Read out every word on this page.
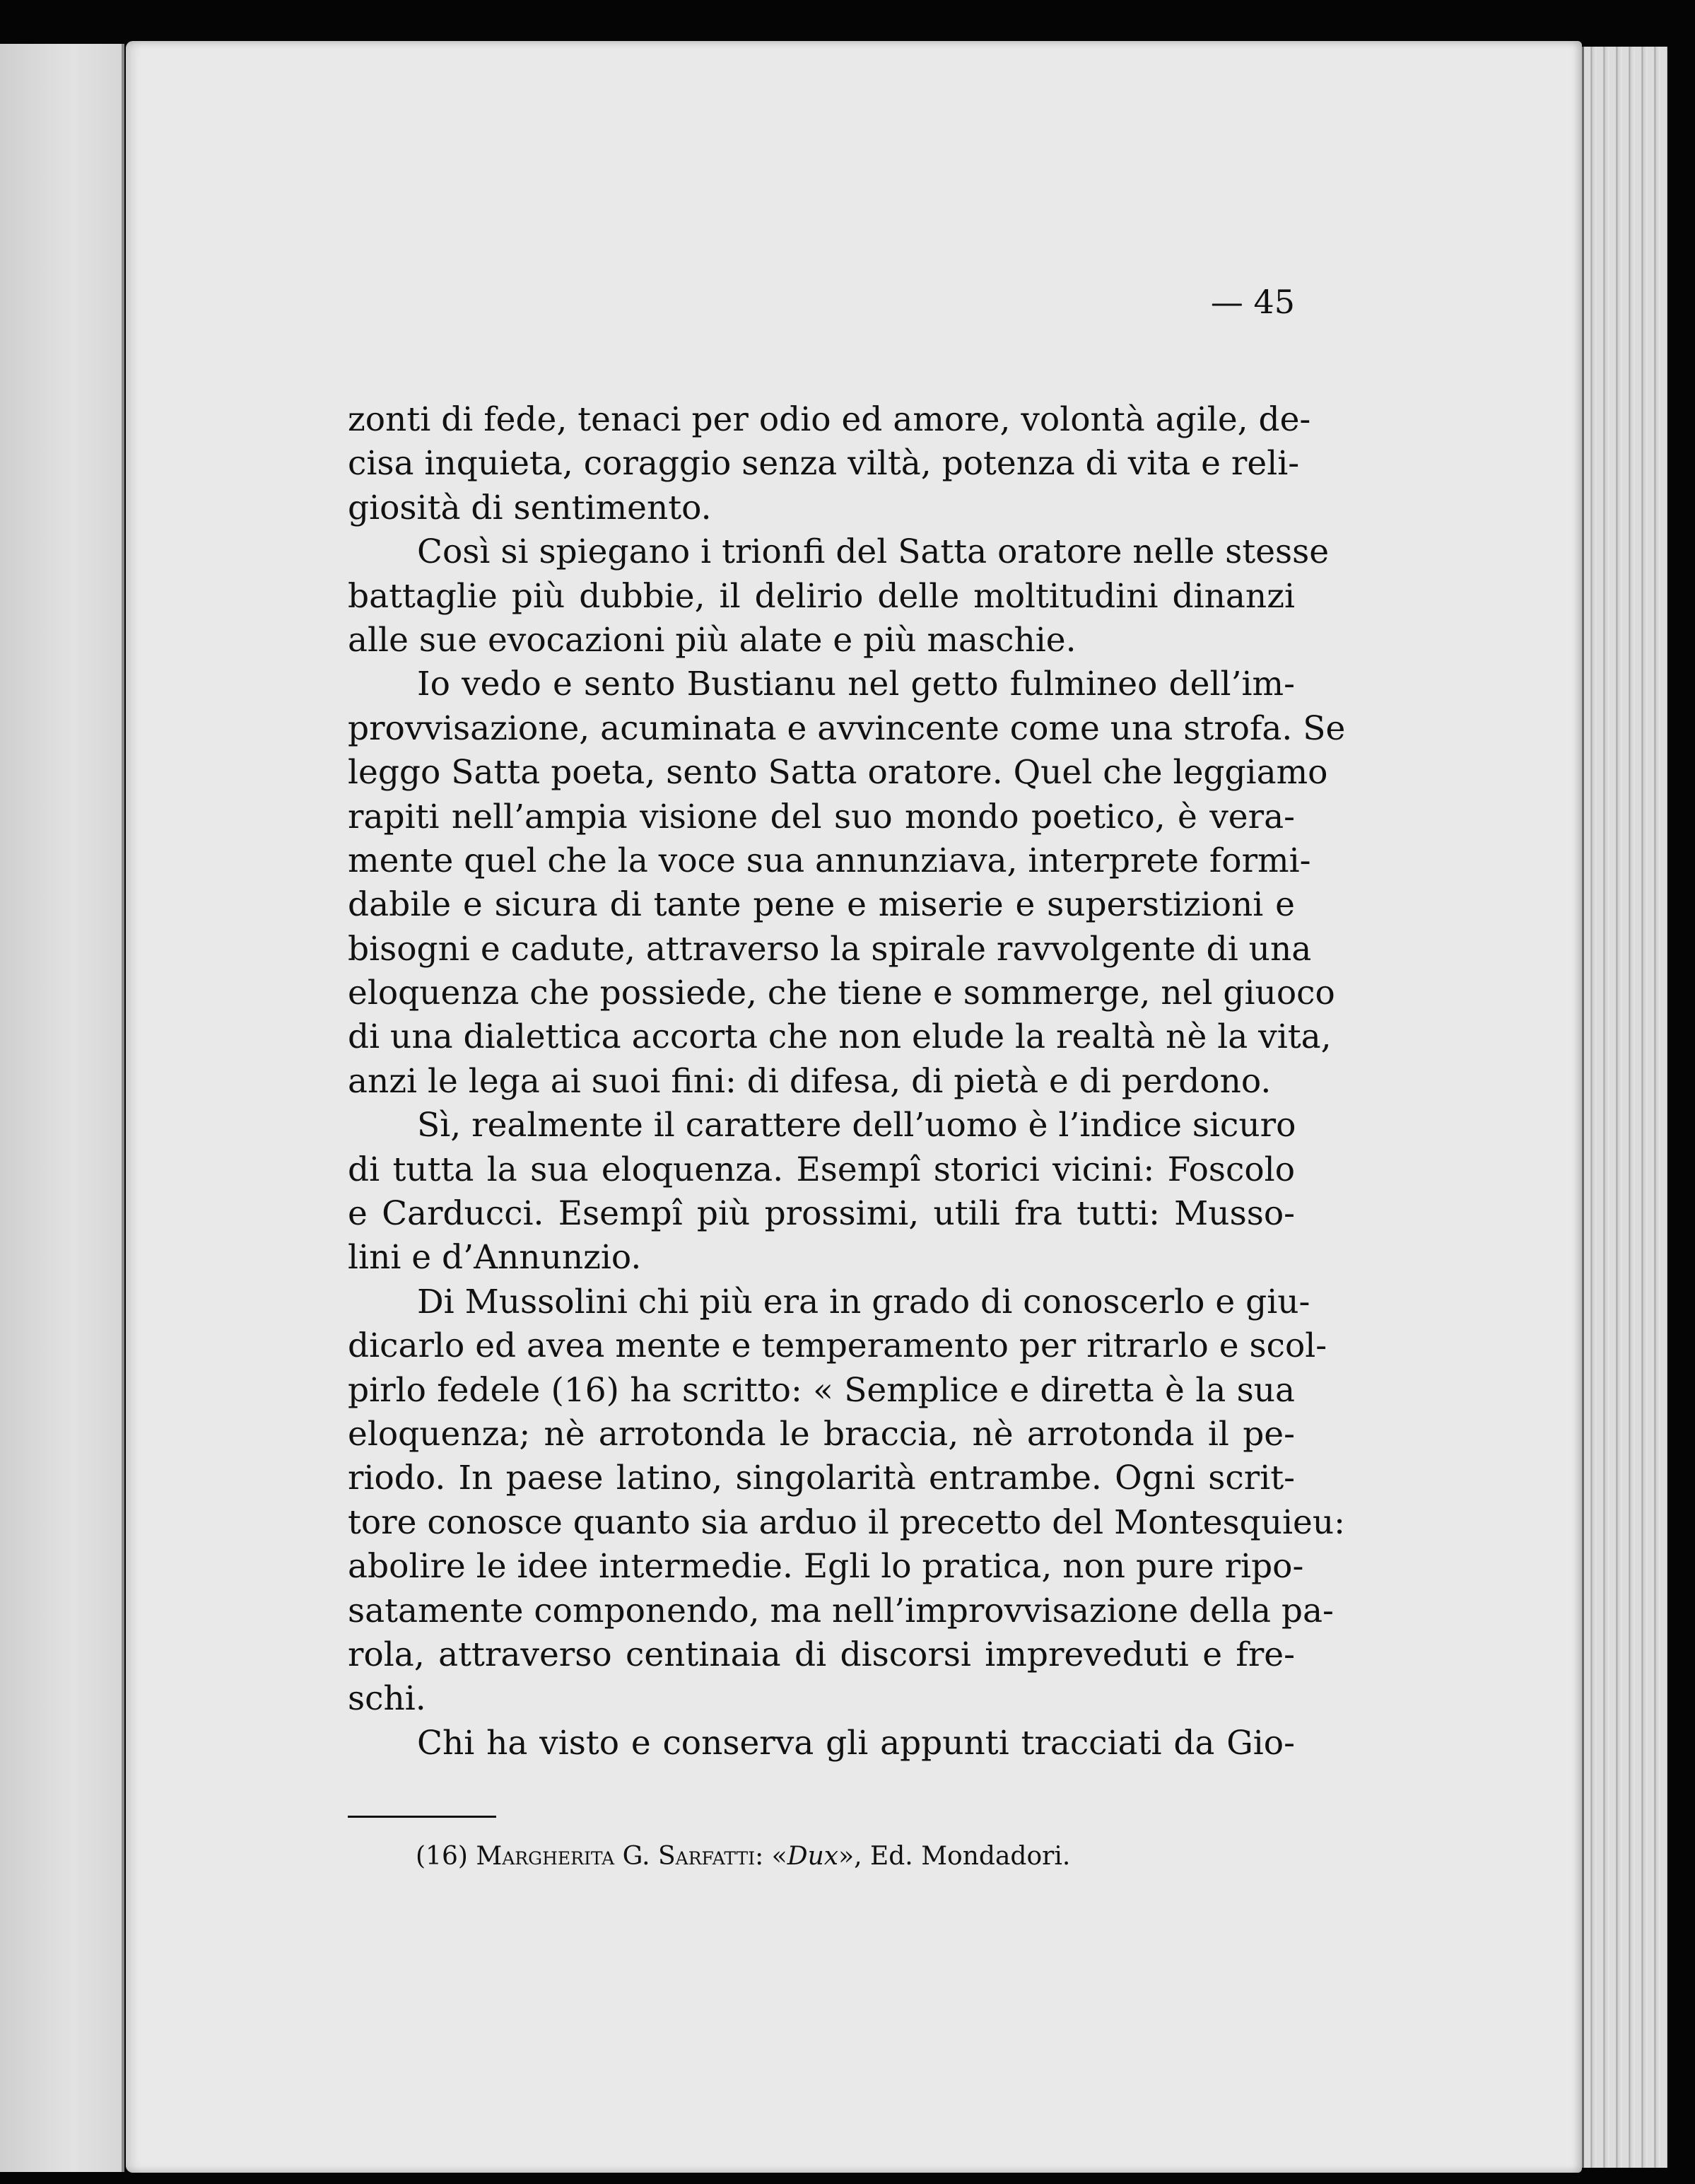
— 45
zonti di fede, tenaci per odio ed amore, volontà agile, de-
cisa inquieta, coraggio senza viltà, potenza di vita e reli-
giosità di sentimento.
Così si spiegano i trionfi del Satta oratore nelle stesse
battaglie più dubbie, il delirio delle moltitudini dinanzi
alle sue evocazioni più alate e più maschie.
Io vedo e sento Bustianu nel getto fulmineo dell’im-
provvisazione, acuminata e avvincente come una strofa. Se
leggo Satta poeta, sento Satta oratore. Quel che leggiamo
rapiti nell’ampia visione del suo mondo poetico, è vera-
mente quel che la voce sua annunziava, interprete formi-
dabile e sicura di tante pene e miserie e superstizioni e
bisogni e cadute, attraverso la spirale ravvolgente di una
eloquenza che possiede, che tiene e sommerge, nel giuoco
di una dialettica accorta che non elude la realtà nè la vita,
anzi le lega ai suoi fini: di difesa, di pietà e di perdono.
Sì, realmente il carattere dell’uomo è l’indice sicuro
di tutta la sua eloquenza. Esempî storici vicini: Foscolo
e Carducci. Esempî più prossimi, utili fra tutti: Musso-
lini e d’Annunzio.
Di Mussolini chi più era in grado di conoscerlo e giu-
dicarlo ed avea mente e temperamento per ritrarlo e scol-
pirlo fedele (16) ha scritto: « Semplice e diretta è la sua
eloquenza; nè arrotonda le braccia, nè arrotonda il pe-
riodo. In paese latino, singolarità entrambe. Ogni scrit-
tore conosce quanto sia arduo il precetto del Montesquieu:
abolire le idee intermedie. Egli lo pratica, non pure ripo-
satamente componendo, ma nell’improvvisazione della pa-
rola, attraverso centinaia di discorsi impreveduti e fre-
schi.
Chi ha visto e conserva gli appunti tracciati da Gio-
(16) Margherita G. Sarfatti: «Dux», Ed. Mondadori.
